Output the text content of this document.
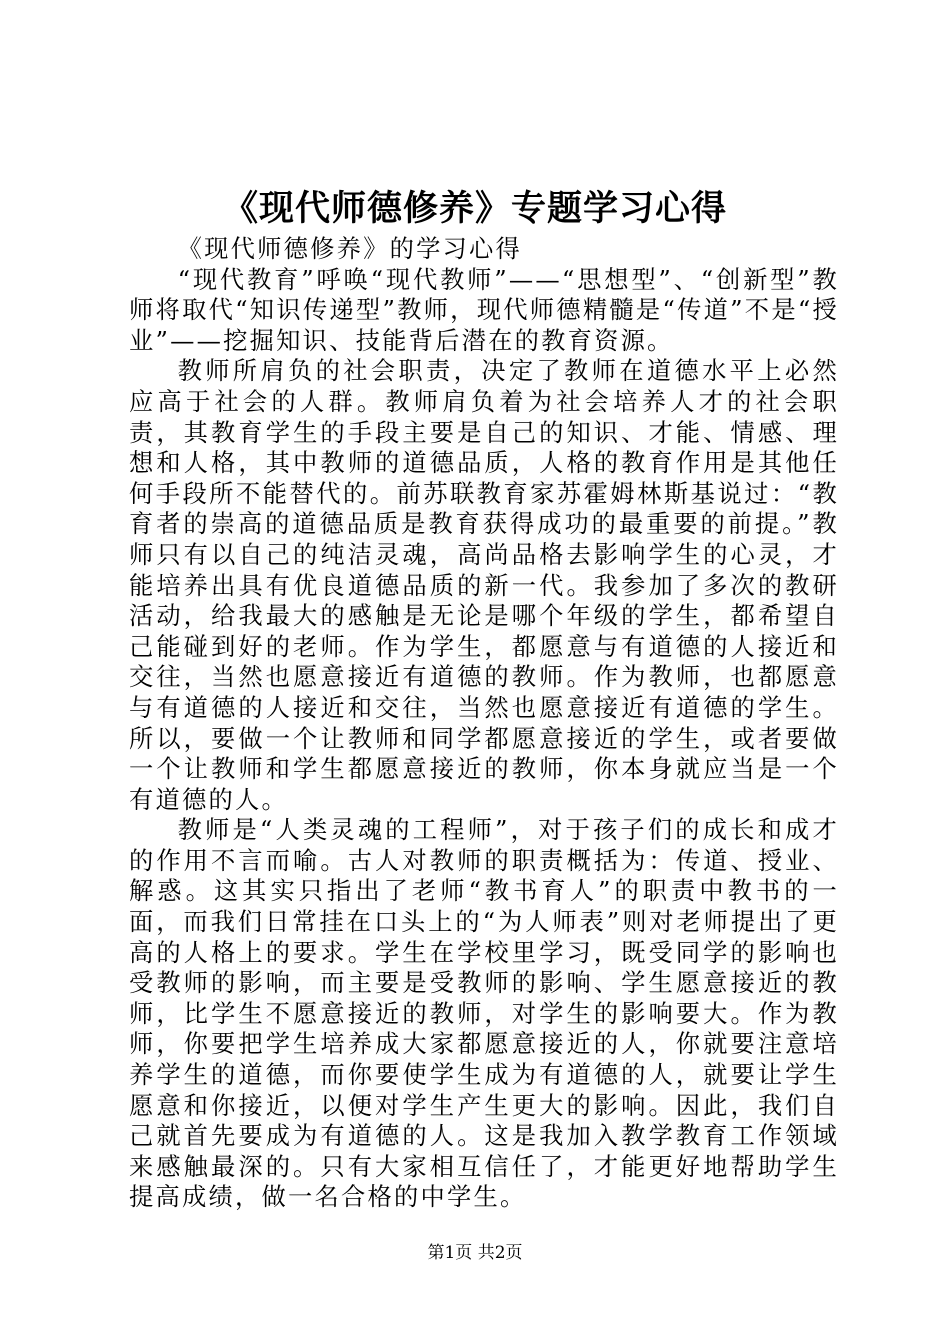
《现代师德修养》专题学习心得

《现代师德修养》的学习心得

“现代教育”呼唤“现代教师”——“思想型”、“创新型”教师将取代“知识传递型”教师，现代师德精髓是“传道”不是“授业”——挖掘知识、技能背后潜在的教育资源。

教师所肩负的社会职责，决定了教师在道德水平上必然应高于社会的人群。教师肩负着为社会培养人才的社会职责，其教育学生的手段主要是自己的知识、才能、情感、理想和人格，其中教师的道德品质，人格的教育作用是其他任何手段所不能替代的。前苏联教育家苏霍姆林斯基说过：“教育者的崇高的道德品质是教育获得成功的最重要的前提。”教师只有以自己的纯洁灵魂，高尚品格去影响学生的心灵，才能培养出具有优良道德品质的新一代。我参加了多次的教研活动，给我最大的感触是无论是哪个年级的学生，都希望自己能碰到好的老师。作为学生，都愿意与有道德的人接近和交往，当然也愿意接近有道德的教师。作为教师，也都愿意与有道德的人接近和交往，当然也愿意接近有道德的学生。所以，要做一个让教师和同学都愿意接近的学生，或者要做一个让教师和学生都愿意接近的教师，你本身就应当是一个有道德的人。

教师是“人类灵魂的工程师”，对于孩子们的成长和成才的作用不言而喻。古人对教师的职责概括为：传道、授业、解惑。这其实只指出了老师“教书育人”的职责中教书的一面，而我们日常挂在口头上的“为人师表”则对老师提出了更高的人格上的要求。学生在学校里学习，既受同学的影响也受教师的影响，而主要是受教师的影响、学生愿意接近的教师，比学生不愿意接近的教师，对学生的影响要大。作为教师，你要把学生培养成大家都愿意接近的人，你就要注意培养学生的道德，而你要使学生成为有道德的人，就要让学生愿意和你接近，以便对学生产生更大的影响。因此，我们自己就首先要成为有道德的人。这是我加入教学教育工作领域来感触最深的。只有大家相互信任了，才能更好地帮助学生提高成绩，做一名合格的中学生。

第1页 共2页
